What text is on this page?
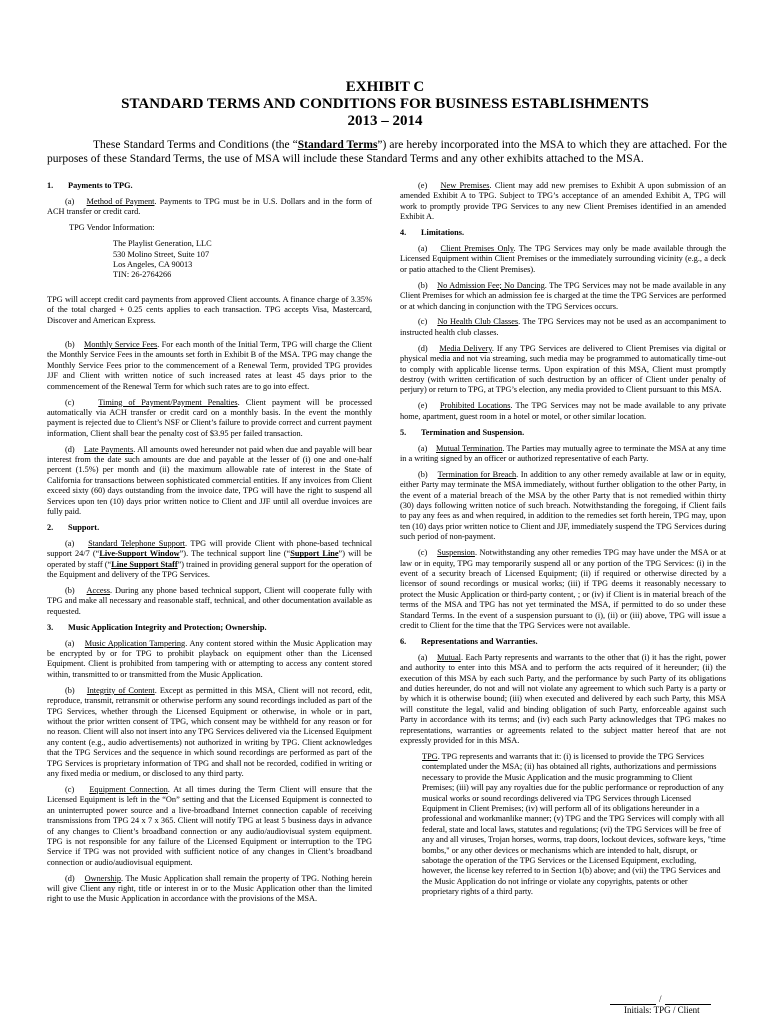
EXHIBIT C
STANDARD TERMS AND CONDITIONS FOR BUSINESS ESTABLISHMENTS
2013 – 2014
These Standard Terms and Conditions (the “Standard Terms”) are hereby incorporated into the MSA to which they are attached. For the purposes of these Standard Terms, the use of MSA will include these Standard Terms and any other exhibits attached to the MSA.
1. Payments to TPG.

(a) Method of Payment. Payments to TPG must be in U.S. Dollars and in the form of ACH transfer or credit card.

TPG Vendor Information:
The Playlist Generation, LLC
530 Molino Street, Suite 107
Los Angeles, CA 90013
TIN: 26-2764266

TPG will accept credit card payments from approved Client accounts. A finance charge of 3.35% of the total charged + 0.25 cents applies to each transaction. TPG accepts Visa, Mastercard, Discover and American Express.

(b) Monthly Service Fees. For each month of the Initial Term, TPG will charge the Client the Monthly Service Fees in the amounts set forth in Exhibit B of the MSA. TPG may change the Monthly Service Fees prior to the commencement of a Renewal Term, provided TPG provides JJF and Client with written notice of such increased rates at least 45 days prior to the commencement of the Renewal Term for which such rates are to go into effect.

(c)	Timing of Payment/Payment Penalties. Client payment will be processed automatically via ACH transfer or credit card on a monthly basis. In the event the monthly payment is rejected due to Client’s NSF or Client’s failure to provide correct and current payment information, Client shall bear the penalty cost of $3.95 per failed transaction.

(d) Late Payments. All amounts owed hereunder not paid when due and payable will bear interest from the date such amounts are due and payable at the lesser of (i) one and one-half percent (1.5%) per month and (ii) the maximum allowable rate of interest in the State of California for transactions between sophisticated commercial entities. If any invoices from Client exceed sixty (60) days outstanding from the invoice date, TPG will have the right to suspend all Services upon ten (10) days prior written notice to Client and JJF until all overdue invoices are fully paid.

2. Support.

(a) Standard Telephone Support. TPG will provide Client with phone-based technical support 24/7 (“Live-Support Window”). The technical support line (“Support Line”) will be operated by staff (“Line Support Staff”) trained in providing general support for the operation of the Equipment and delivery of the TPG Services.

(b) Access. During any phone based technical support, Client will cooperate fully with TPG and make all necessary and reasonable staff, technical, and other documentation available as requested.

3. Music Application Integrity and Protection; Ownership.

(a) Music Application Tampering. Any content stored within the Music Application may be encrypted by or for TPG to prohibit playback on equipment other than the Licensed Equipment. Client is prohibited from tampering with or attempting to access any content stored within, transmitted to or transmitted from the Music Application.

(b) Integrity of Content. Except as permitted in this MSA, Client will not record, edit, reproduce, transmit, retransmit or otherwise perform any sound recordings included as part of the TPG Services, whether through the Licensed Equipment or otherwise, in whole or in part, without the prior written consent of TPG, which consent may be withheld for any reason or for no reason. Client will also not insert into any TPG Services delivered via the Licensed Equipment any content (e.g., audio advertisements) not authorized in writing by TPG. Client acknowledges that the TPG Services and the sequence in which sound recordings are performed as part of the TPG Services is proprietary information of TPG and shall not be recorded, codified in writing or any fixed media or medium, or disclosed to any third party.

(c) Equipment Connection. At all times during the Term Client will ensure that the Licensed Equipment is left in the “On” setting and that the Licensed Equipment is connected to an uninterrupted power source and a live-broadband Internet connection capable of receiving transmissions from TPG 24 x 7 x 365. Client will notify TPG at least 5 business days in advance of any changes to Client’s broadband connection or any audio/audiovisual system equipment. TPG is not responsible for any failure of the Licensed Equipment or interruption to the TPG Service if TPG was not provided with sufficient notice of any changes in Client’s broadband connection or audio/audiovisual equipment.

(d) Ownership. The Music Application shall remain the property of TPG. Nothing herein will give Client any right, title or interest in or to the Music Application other than the limited right to use the Music Application in accordance with the provisions of the MSA.

(e) New Premises. Client may add new premises to Exhibit A upon submission of an amended Exhibit A to TPG. Subject to TPG’s acceptance of an amended Exhibit A, TPG will work to promptly provide TPG Services to any new Client Premises identified in an amended Exhibit A.

4. Limitations.

(a) Client Premises Only. The TPG Services may only be made available through the Licensed Equipment within Client Premises or the immediately surrounding vicinity (e.g., a deck or patio attached to the Client Premises).

(b) No Admission Fee; No Dancing. The TPG Services may not be made available in any Client Premises for which an admission fee is charged at the time the TPG Services are performed or at which dancing in conjunction with the TPG Services occurs.

(c) No Health Club Classes. The TPG Services may not be used as an accompaniment to instructed health club classes.

(d) Media Delivery. If any TPG Services are delivered to Client Premises via digital or physical media and not via streaming, such media may be programmed to automatically time-out to comply with applicable license terms. Upon expiration of this MSA, Client must promptly destroy (with written certification of such destruction by an officer of Client under penalty of perjury) or return to TPG, at TPG’s election, any media provided to Client pursuant to this MSA.

(e) Prohibited Locations. The TPG Services may not be made available to any private home, apartment, guest room in a hotel or motel, or other similar location.

5. Termination and Suspension.

(a) Mutual Termination. The Parties may mutually agree to terminate the MSA at any time in a writing signed by an officer or authorized representative of each Party.

(b) Termination for Breach. In addition to any other remedy available at law or in equity, either Party may terminate the MSA immediately, without further obligation to the other Party, in the event of a material breach of the MSA by the other Party that is not remedied within thirty (30) days following written notice of such breach. Notwithstanding the foregoing, if Client fails to pay any fees as and when required, in addition to the remedies set forth herein, TPG may, upon ten (10) days prior written notice to Client and JJF, immediately suspend the TPG Services during such period of non-payment.

(c) Suspension. Notwithstanding any other remedies TPG may have under the MSA or at law or in equity, TPG may temporarily suspend all or any portion of the TPG Services: (i) in the event of a security breach of Licensed Equipment; (ii) if required or otherwise directed by a licensor of sound recordings or musical works; (iii) if TPG deems it reasonably necessary to protect the Music Application or third-party content, ; or (iv) if Client is in material breach of the terms of the MSA and TPG has not yet terminated the MSA, if permitted to do so under these Standard Terms. In the event of a suspension pursuant to (i), (ii) or (iii) above, TPG will issue a credit to Client for the time that the TPG Services were not available.

6. Representations and Warranties.

(a) Mutual. Each Party represents and warrants to the other that (i) it has the right, power and authority to enter into this MSA and to perform the acts required of it hereunder; (ii) the execution of this MSA by each such Party, and the performance by such Party of its obligations and duties hereunder, do not and will not violate any agreement to which such Party is a party or by which it is otherwise bound; (iii) when executed and delivered by each such Party, this MSA will constitute the legal, valid and binding obligation of such Party, enforceable against such Party in accordance with its terms; and (iv) each such Party acknowledges that TPG makes no representations, warranties or agreements related to the subject matter hereof that are not expressly provided for in this MSA.

TPG. TPG represents and warrants that it: (i) is licensed to provide the TPG Services contemplated under the MSA; (ii) has obtained all rights, authorizations and permissions necessary to provide the Music Application and the music programming to Client Premises; (iii) will pay any royalties due for the public performance or reproduction of any musical works or sound recordings delivered via TPG Services through Licensed Equipment in Client Premises; (iv) will perform all of its obligations hereunder in a professional and workmanlike manner; (v) TPG and the TPG Services will comply with all federal, state and local laws, statutes and regulations; (vi) the TPG Services will be free of any and all viruses, Trojan horses, worms, trap doors, lockout devices, software keys, "time bombs," or any other devices or mechanisms which are intended to halt, disrupt, or sabotage the operation of the TPG Services or the Licensed Equipment, excluding, however, the license key referred to in Section 1(b) above; and (vii) the TPG Services and the Music Application do not infringe or violate any copyrights, patents or other proprietary rights of a third party.

/
Initials: TPG / Client
